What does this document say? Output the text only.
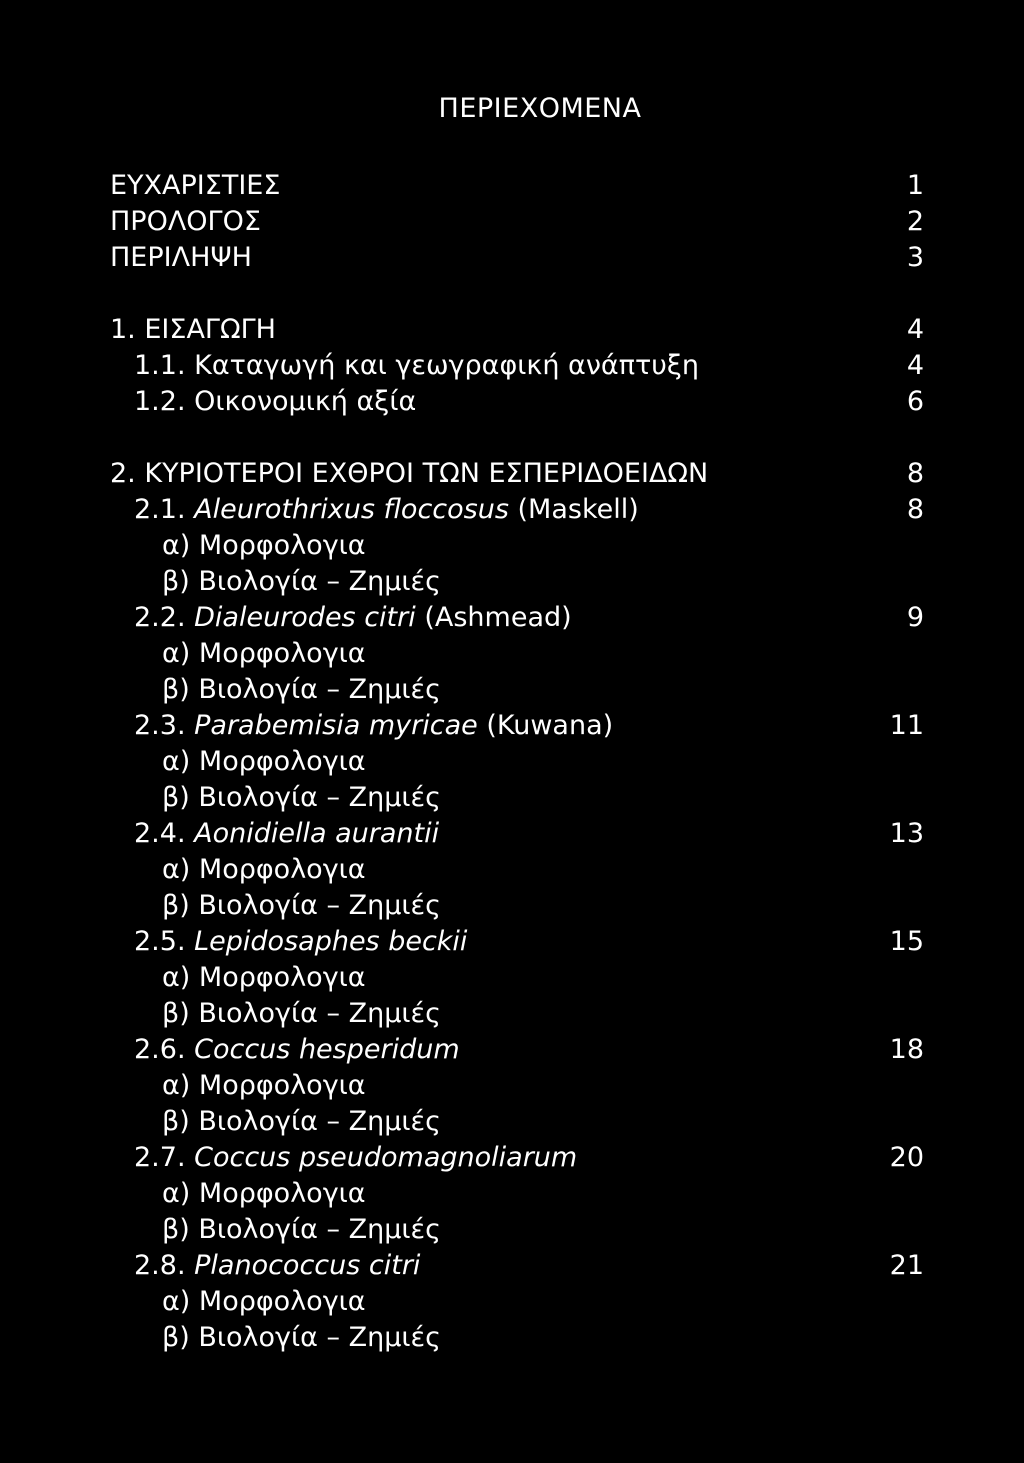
ΠΕΡΙΕΧΟΜΕΝΑ
ΕΥΧΑΡΙΣΤΙΕΣ	1
ΠΡΟΛΟΓΟΣ	2
ΠΕΡΙΛΗΨΗ	3
1. ΕΙΣΑΓΩΓΗ	4
1.1. Καταγωγή και γεωγραφική ανάπτυξη	4
1.2. Οικονομική αξία	6
2. ΚΥΡΙΟΤΕΡΟΙ ΕΧΘΡΟΙ ΤΩΝ ΕΣΠΕΡΙΔΟΕΙΔΩΝ	8
2.1. Aleurothrixus floccosus (Maskell)	8
α) Μορφολογια
β) Βιολογία – Ζημιές
2.2. Dialeurodes citri (Ashmead)	9
α) Μορφολογια
β) Βιολογία – Ζημιές
2.3. Parabemisia myricae (Kuwana)	11
α) Μορφολογια
β) Βιολογία – Ζημιές
2.4. Aonidiella aurantii	13
α) Μορφολογια
β) Βιολογία – Ζημιές
2.5. Lepidosaphes beckii	15
α) Μορφολογια
β) Βιολογία – Ζημιές
2.6. Coccus hesperidum	18
α) Μορφολογια
β) Βιολογία – Ζημιές
2.7. Coccus pseudomagnoliarum	20
α) Μορφολογια
β) Βιολογία – Ζημιές
2.8. Planococcus citri	21
α) Μορφολογια
β) Βιολογία – Ζημιές
